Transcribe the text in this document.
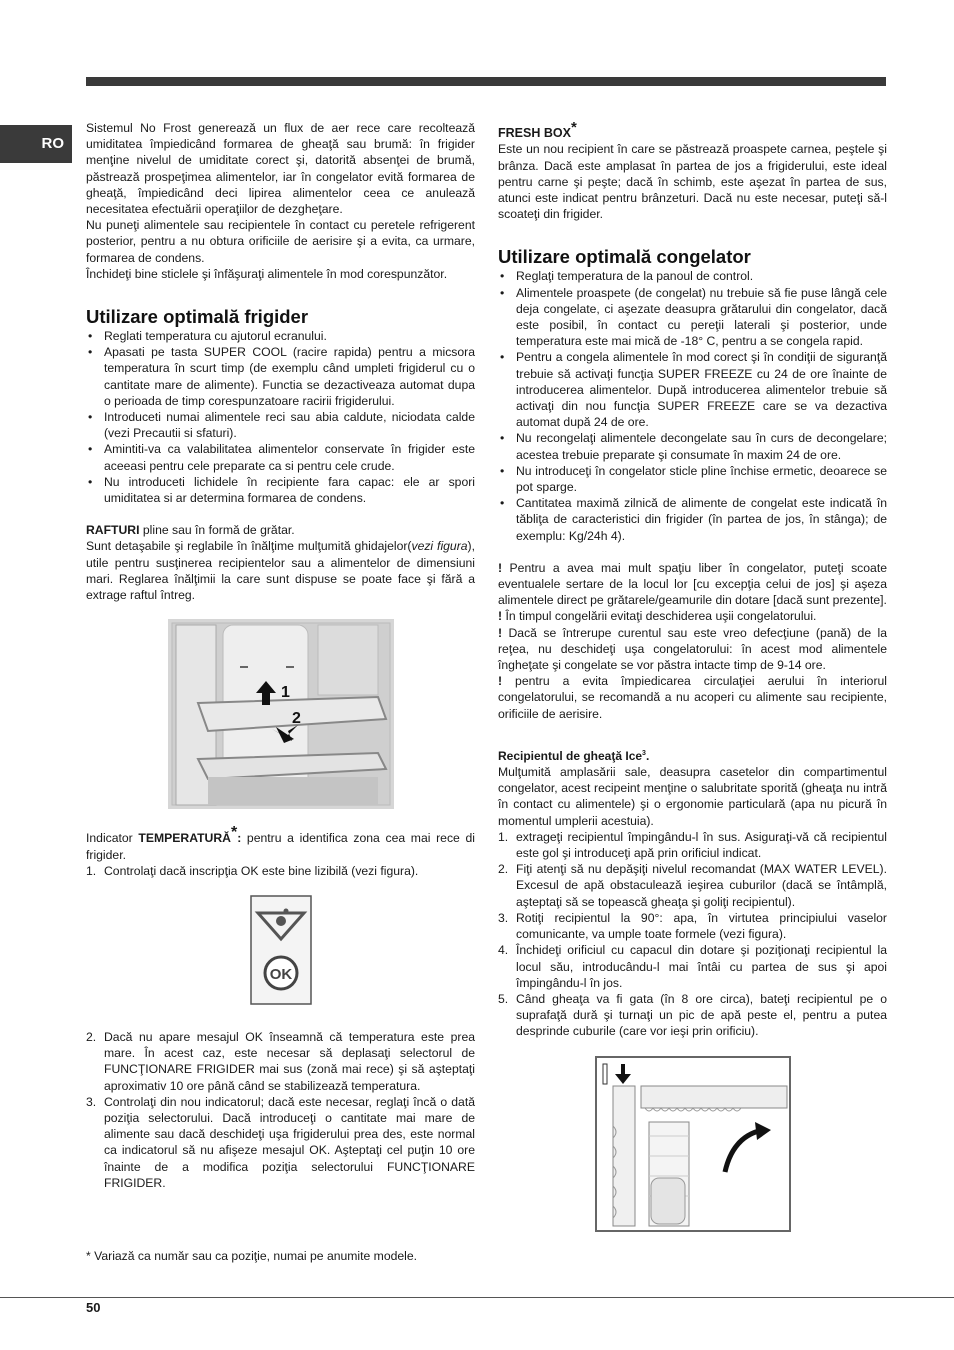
RO

Sistemul No Frost generează un flux de aer rece care recoltează umiditatea împiedicând formarea de gheaţă sau brumă: în frigider menţine nivelul de umiditate corect şi, datorită absenţei de brumă, păstrează prospeţimea alimentelor, iar în congelator evită formarea de gheaţă, împiedicând deci lipirea alimentelor ceea ce anulează necesitatea efectuării operaţiilor de dezgheţare.

Nu puneţi alimentele sau recipientele în contact cu peretele refrigerent posterior, pentru a nu obtura orificiile de aerisire şi a evita, ca urmare, formarea de condens.

Închideţi bine sticlele şi înfăşuraţi alimentele în mod corespunzător.

Utilizare optimală frigider
• Reglati temperatura cu ajutorul ecranului.
• Apasati pe tasta SUPER COOL (racire rapida) pentru a micsora temperatura în scurt timp (de exemplu când umpleti frigiderul cu o cantitate mare de alimente). Functia se dezactiveaza automat dupa o perioada de timp corespunzatoare racirii frigiderului.
• Introduceti numai alimentele reci sau abia caldute, niciodata calde (vezi Precautii si sfaturi).
• Amintiti-va ca valabilitatea alimentelor conservate în frigider este aceeasi pentru cele preparate ca si pentru cele crude.
• Nu introduceti lichidele în recipiente fara capac: ele ar spori umiditatea si ar determina formarea de condens.

RAFTURI pline sau în formă de grătar.

Sunt detaşabile şi reglabile în înălţime mulţumită ghidajelor(vezi figura), utile pentru susţinerea recipientelor sau a alimentelor de dimensiuni mari. Reglarea înălţimii la care sunt dispuse se poate face şi fără a extrage raftul întreg.

1
2

Indicator TEMPERATURĂ*: pentru a identifica zona cea mai rece di frigider.

1. Controlaţi dacă inscripţia OK este bine lizibilă (vezi figura).
OK
2. Dacă nu apare mesajul OK înseamnă că temperatura este prea mare. În acest caz, este necesar să deplasaţi selectorul de FUNCŢIONARE FRIGIDER mai sus (zonă mai rece) şi să aşteptaţi aproximativ 10 ore până când se stabilizează temperatura.
3. Controlaţi din nou indicatorul; dacă este necesar, reglaţi încă o dată poziţia selectorului. Dacă introduceţi o cantitate mai mare de alimente sau dacă deschideţi uşa frigiderului prea des, este normal ca indicatorul să nu afişeze mesajul OK. Aşteptaţi cel puţin 10 ore înainte de a modifica poziţia selectorului FUNCŢIONARE FRIGIDER.
FRESH BOX*

Este un nou recipient în care se păstrează proaspete carnea, peştele şi brânza. Dacă este amplasat în partea de jos a frigiderului, este ideal pentru carne şi peşte; dacă în schimb, este aşezat în partea de sus, atunci este indicat pentru brânzeturi. Dacă nu este necesar, puteţi să-l scoateţi din frigider.

Utilizare optimală congelator
• Reglaţi temperatura de la panoul de control.
• Alimentele proaspete (de congelat) nu trebuie să fie puse lângă cele deja congelate, ci aşezate deasupra grătarului din congelator, dacă este posibil, în contact cu pereţii laterali şi posterior, unde temperatura este mai mică de -18° C, pentru a se congela rapid.
• Pentru a congela alimentele în mod corect şi în condiţii de siguranţă trebuie să activaţi funcţia SUPER FREEZE cu 24 de ore înainte de introducerea alimentelor. După introducerea alimentelor trebuie să activaţi din nou funcţia SUPER FREEZE care se va dezactiva automat după 24 de ore.
• Nu recongelaţi alimentele decongelate sau în curs de decongelare; acestea trebuie preparate şi consumate în maxim 24 de ore.
• Nu introduceţi în congelator sticle pline închise ermetic, deoarece se pot sparge.
• Cantitatea maximă zilnică de alimente de congelat este indicată în tăbliţa de caracteristici din frigider (în partea de jos, în stânga); de exemplu: Kg/24h 4).

! Pentru a avea mai mult spaţiu liber în congelator, puteţi scoate eventualele sertare de la locul lor [cu excepţia celui de jos] şi aşeza alimentele direct pe grătarele/geamurile din dotare [dacă sunt prezente].

! În timpul congelării evitaţi deschiderea uşii congelatorului.

! Dacă se întrerupe curentul sau este vreo defecţiune (pană) de la reţea, nu deschideţi uşa congelatorului: în acest mod alimentele îngheţate şi congelate se vor păstra intacte timp de 9-14 ore.

! pentru a evita împiedicarea circulaţiei aerului în interiorul congelatorului, se recomandă a nu acoperi cu alimente sau recipiente, orificiile de aerisire.

Recipientul de gheaţă Ice$^3$.

Mulţumită amplasării sale, deasupra casetelor din compartimentul congelator, acest recipeint menţine o salubritate sporită (gheaţa nu intră în contact cu alimentele) şi o ergonomie particulară (apa nu picură în momentul umplerii acestuia).

1. extrageţi recipientul împingându-l în sus. Asiguraţi-vă că recipientul este gol şi introduceţi apă prin orificiul indicat.
2. Fiţi atenţi să nu depăşiţi nivelul recomandat (MAX WATER LEVEL). Excesul de apă obstaculează ieşirea cuburilor (dacă se întâmplă, aşteptaţi să se topească gheaţa şi goliţi recipientul).
3. Rotiţi recipientul la 90°: apa, în virtutea principiului vaselor comunicante, va umple toate formele (vezi figura).
4. Închideţi orificiul cu capacul din dotare şi poziţionaţi recipientul la locul său, introducându-l mai întâi cu partea de sus şi apoi împingându-l în jos.
5. Când gheaţa va fi gata (în 8 ore circa), bateţi recipientul pe o suprafaţă dură şi turnaţi un pic de apă peste el, pentru a putea desprinde cuburile (care vor ieşi prin orificiu).
* Variază ca număr sau ca poziţie, numai pe anumite modele.
50
